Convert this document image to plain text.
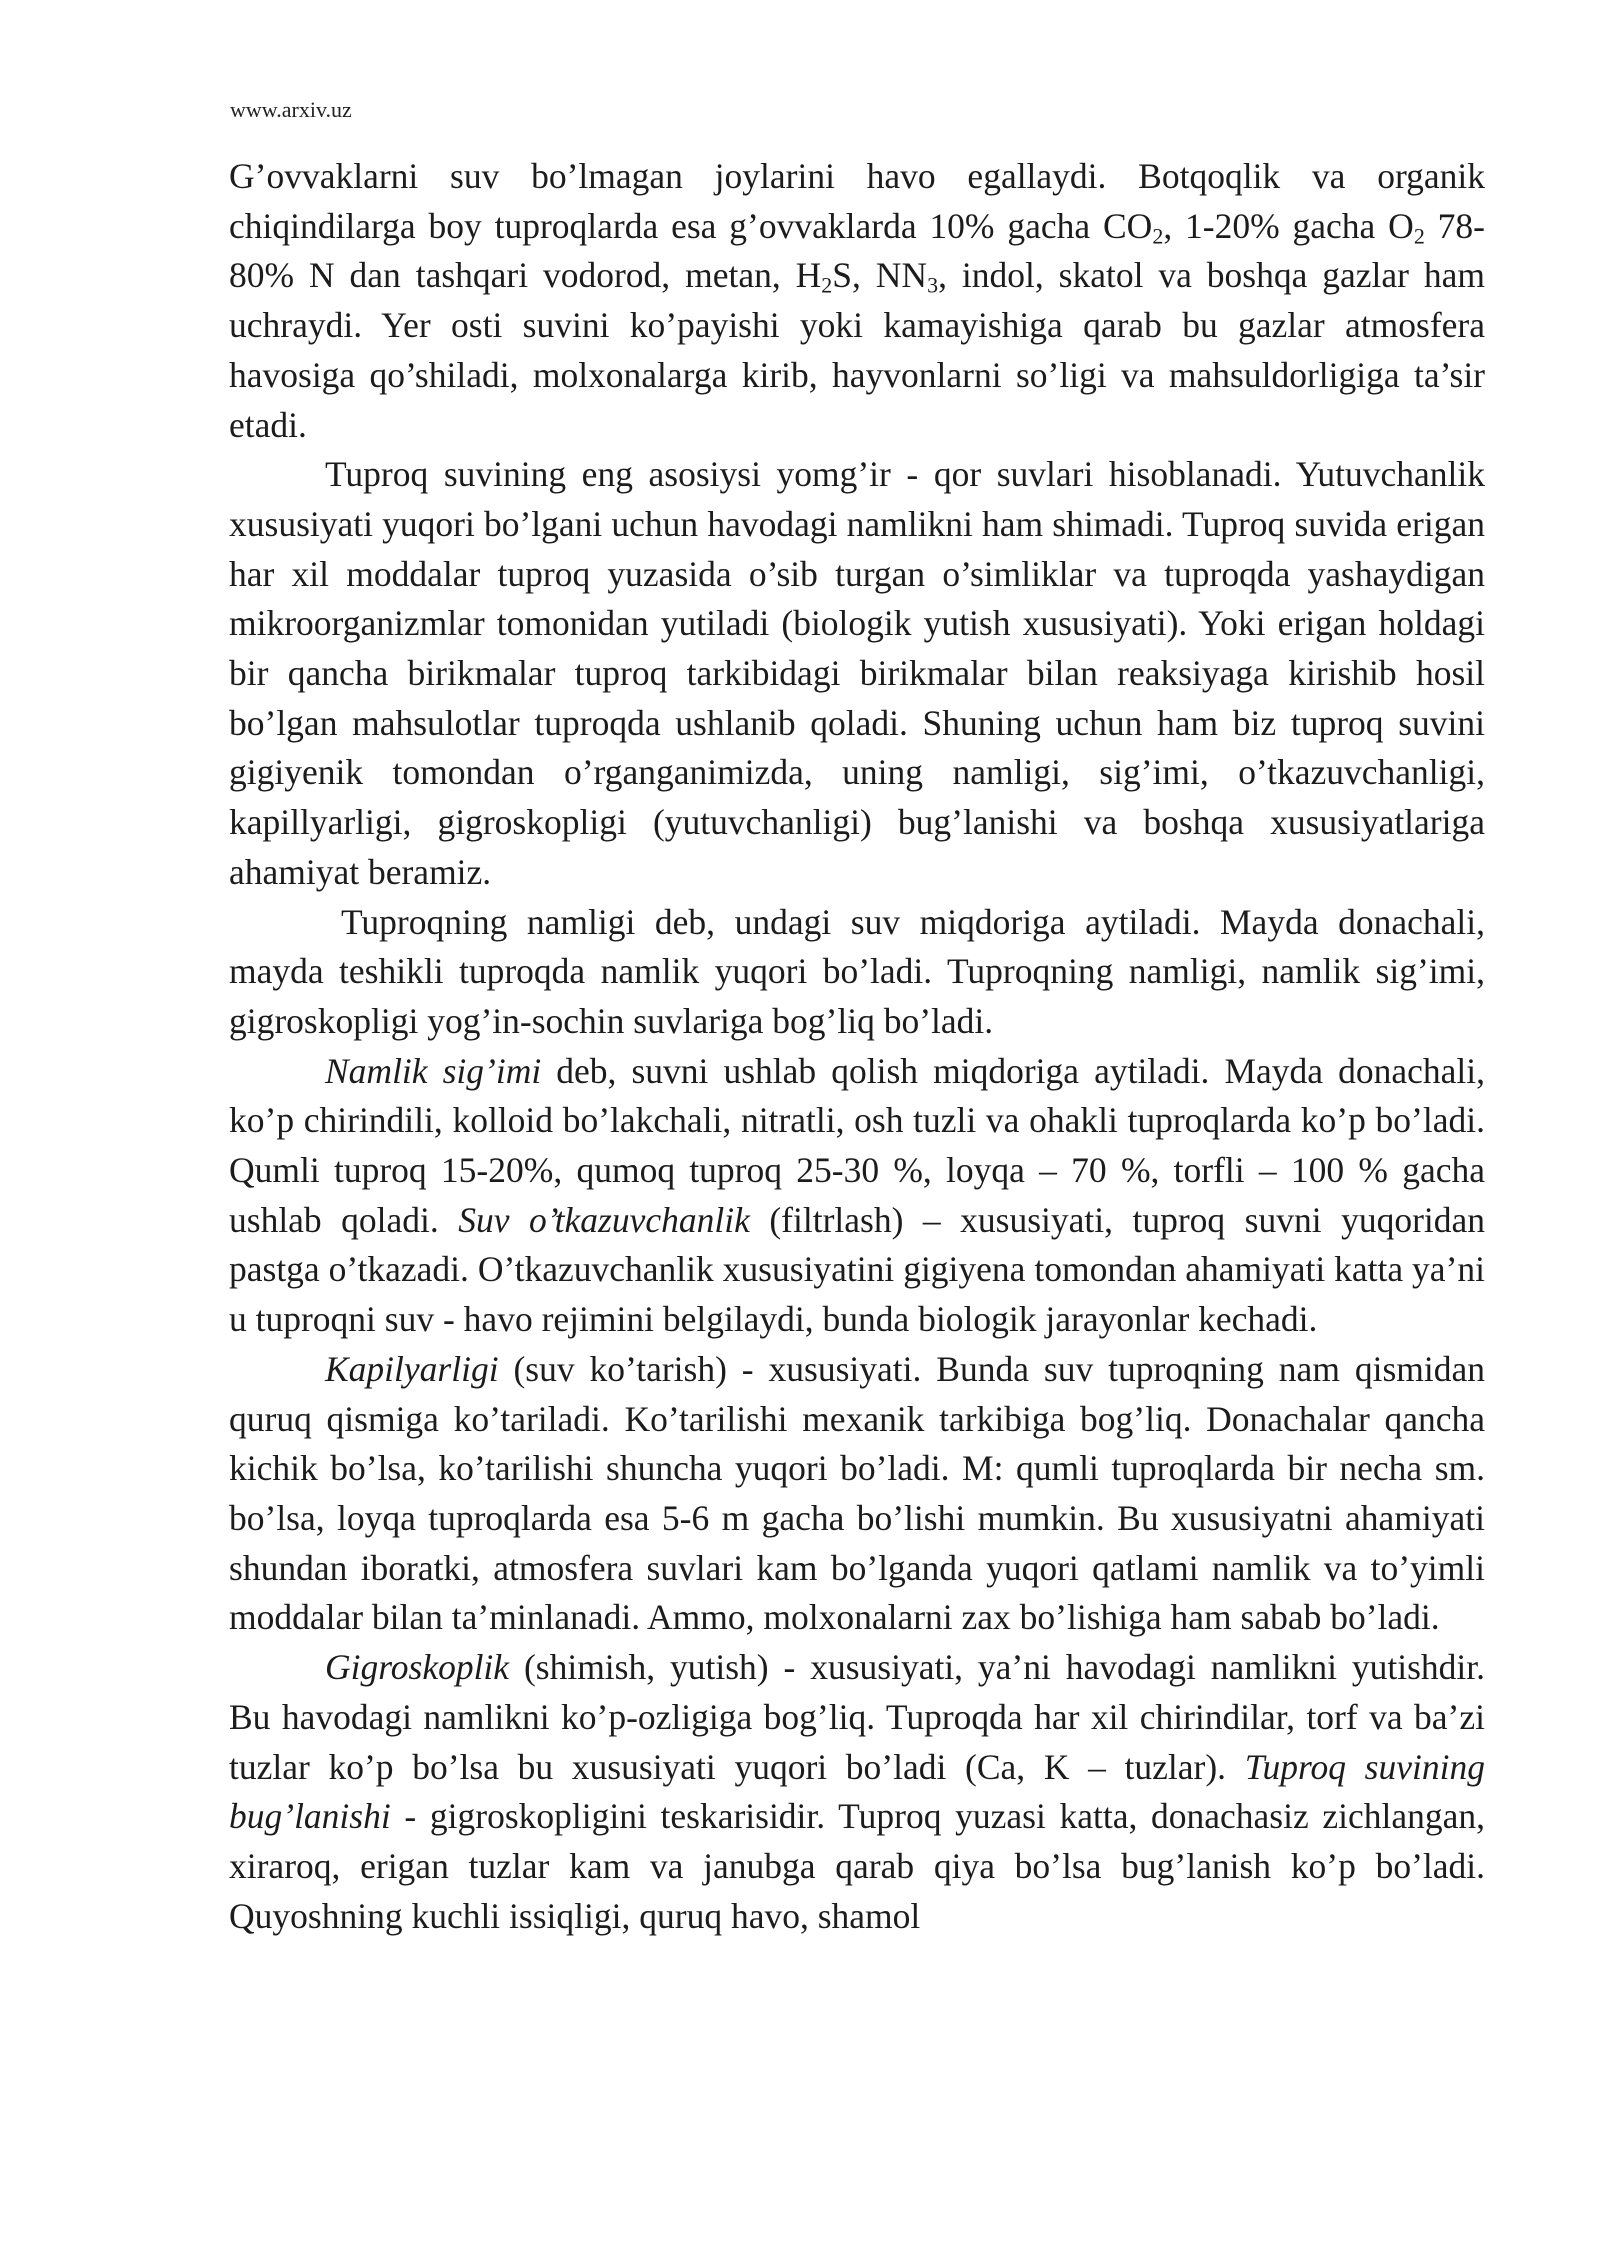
www.arxiv.uz

G’ovvaklarni suv bo’lmagan joylarini havo egallaydi. Botqoqlik va organik chiqindilarga boy tuproqlarda esa g’ovvaklarda 10% gacha $CO_2$, 1-20% gacha $O_2$ 78-80% N dan tashqari vodorod, metan, $H_2S$, $NN_3$, indol, skatol va boshqa gazlar ham uchraydi. Yer osti suvini ko’payishi yoki kamayishiga qarab bu gazlar atmosfera havosiga qo’shiladi, molxonalarga kirib, hayvonlarni so’ligi va mahsuldorligiga ta’sir etadi.

Tuproq suvining eng asosiysi yomg’ir - qor suvlari hisoblanadi. Yutuvchanlik xususiyati yuqori bo’lgani uchun havodagi namlikni ham shimadi. Tuproq suvida erigan har xil moddalar tuproq yuzasida o’sib turgan o’simliklar va tuproqda yashaydigan mikroorganizmlar tomonidan yutiladi (biologik yutish xususiyati). Yoki erigan holdagi bir qancha birikmalar tuproq tarkibidagi birikmalar bilan reaksiyaga kirishib hosil bo’lgan mahsulotlar tuproqda ushlanib qoladi. Shuning uchun ham biz tuproq suvini gigiyenik tomondan o’rganganimizda, uning namligi, sig’imi, o’tkazuvchanligi, kapillyarligi, gigroskopligi (yutuvchanligi) bug’lanishi va boshqa xususiyatlariga ahamiyat beramiz.

Tuproqning namligi deb, undagi suv miqdoriga aytiladi. Mayda donachali, mayda teshikli tuproqda namlik yuqori bo’ladi. Tuproqning namligi, namlik sig’imi, gigroskopligi yog’in-sochin suvlariga bog’liq bo’ladi.

Namlik sig’imi deb, suvni ushlab qolish miqdoriga aytiladi. Mayda donachali, ko’p chirindili, kolloid bo’lakchali, nitratli, osh tuzli va ohakli tuproqlarda ko’p bo’ladi. Qumli tuproq 15-20%, qumoq tuproq 25-30 %, loyqa – 70 %, torfli – 100 % gacha ushlab qoladi. Suv o’tkazuvchanlik (filtrlash) – xususiyati, tuproq suvni yuqoridan pastga o’tkazadi. O’tkazuvchanlik xususiyatini gigiyena tomondan ahamiyati katta ya’ni u tuproqni suv - havo rejimini belgilaydi, bunda biologik jarayonlar kechadi.

Kapilyarligi (suv ko’tarish) - xususiyati. Bunda suv tuproqning nam qismidan quruq qismiga ko’tariladi. Ko’tarilishi mexanik tarkibiga bog’liq. Donachalar qancha kichik bo’lsa, ko’tarilishi shuncha yuqori bo’ladi. M: qumli tuproqlarda bir necha sm. bo’lsa, loyqa tuproqlarda esa 5-6 m gacha bo’lishi mumkin. Bu xususiyatni ahamiyati shundan iboratki, atmosfera suvlari kam bo’lganda yuqori qatlami namlik va to’yimli moddalar bilan ta’minlanadi. Ammo, molxonalarni zax bo’lishiga ham sabab bo’ladi.

Gigroskoplik (shimish, yutish) - xususiyati, ya’ni havodagi namlikni yutishdir. Bu havodagi namlikni ko’p-ozligiga bog’liq. Tuproqda har xil chirindilar, torf va ba’zi tuzlar ko’p bo’lsa bu xususiyati yuqori bo’ladi (Ca, K – tuzlar). Tuproq suvining bug’lanishi - gigroskopligini teskarisidir. Tuproq yuzasi katta, donachasiz zichlangan, xiraroq, erigan tuzlar kam va janubga qarab qiya bo’lsa bug’lanish ko’p bo’ladi. Quyoshning kuchli issiqligi, quruq havo, shamol
